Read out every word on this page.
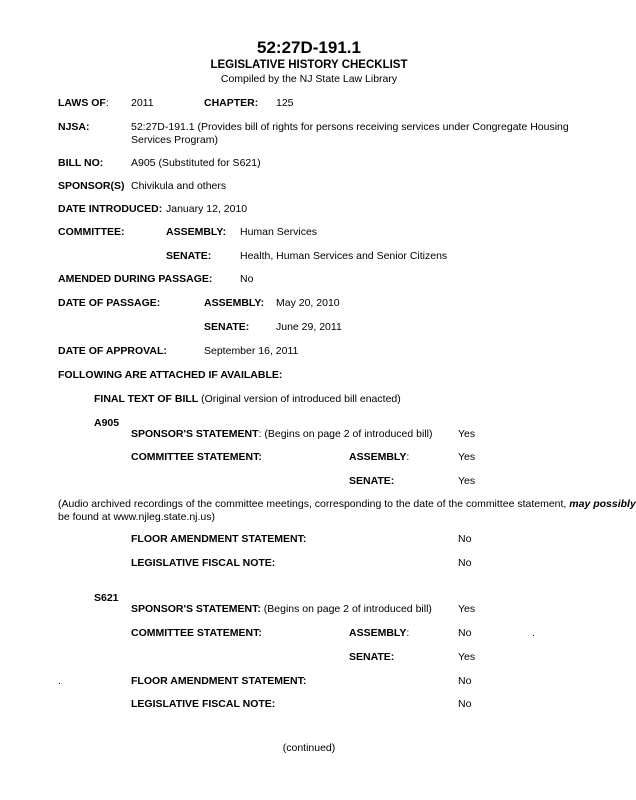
52:27D-191.1
LEGISLATIVE HISTORY CHECKLIST
Compiled by the NJ State Law Library
LAWS OF: 2011	CHAPTER: 125
NJSA:	52:27D-191.1 (Provides bill of rights for persons receiving services under Congregate Housing Services Program)
BILL NO:	A905 (Substituted for S621)
SPONSOR(S) Chivikula and others
DATE INTRODUCED: January 12, 2010
COMMITTEE:	ASSEMBLY: Human Services
SENATE:	Health, Human Services and Senior Citizens
AMENDED DURING PASSAGE:	No
DATE OF PASSAGE:	ASSEMBLY: May 20, 2010
SENATE:	June 29, 2011
DATE OF APPROVAL:	September 16, 2011
FOLLOWING ARE ATTACHED IF AVAILABLE:
FINAL TEXT OF BILL (Original version of introduced bill enacted)
A905
SPONSOR'S STATEMENT: (Begins on page 2 of introduced bill) Yes
COMMITTEE STATEMENT:	ASSEMBLY:	Yes
SENATE:	Yes
(Audio archived recordings of the committee meetings, corresponding to the date of the committee statement, may possibly
be found at www.njleg.state.nj.us)
FLOOR AMENDMENT STATEMENT:	No
LEGISLATIVE FISCAL NOTE:	No
S621
SPONSOR'S STATEMENT: (Begins on page 2 of introduced bill) Yes
COMMITTEE STATEMENT:	ASSEMBLY:	No	.
SENATE:	Yes
.	FLOOR AMENDMENT STATEMENT:	No
LEGISLATIVE FISCAL NOTE:	No
(continued)
